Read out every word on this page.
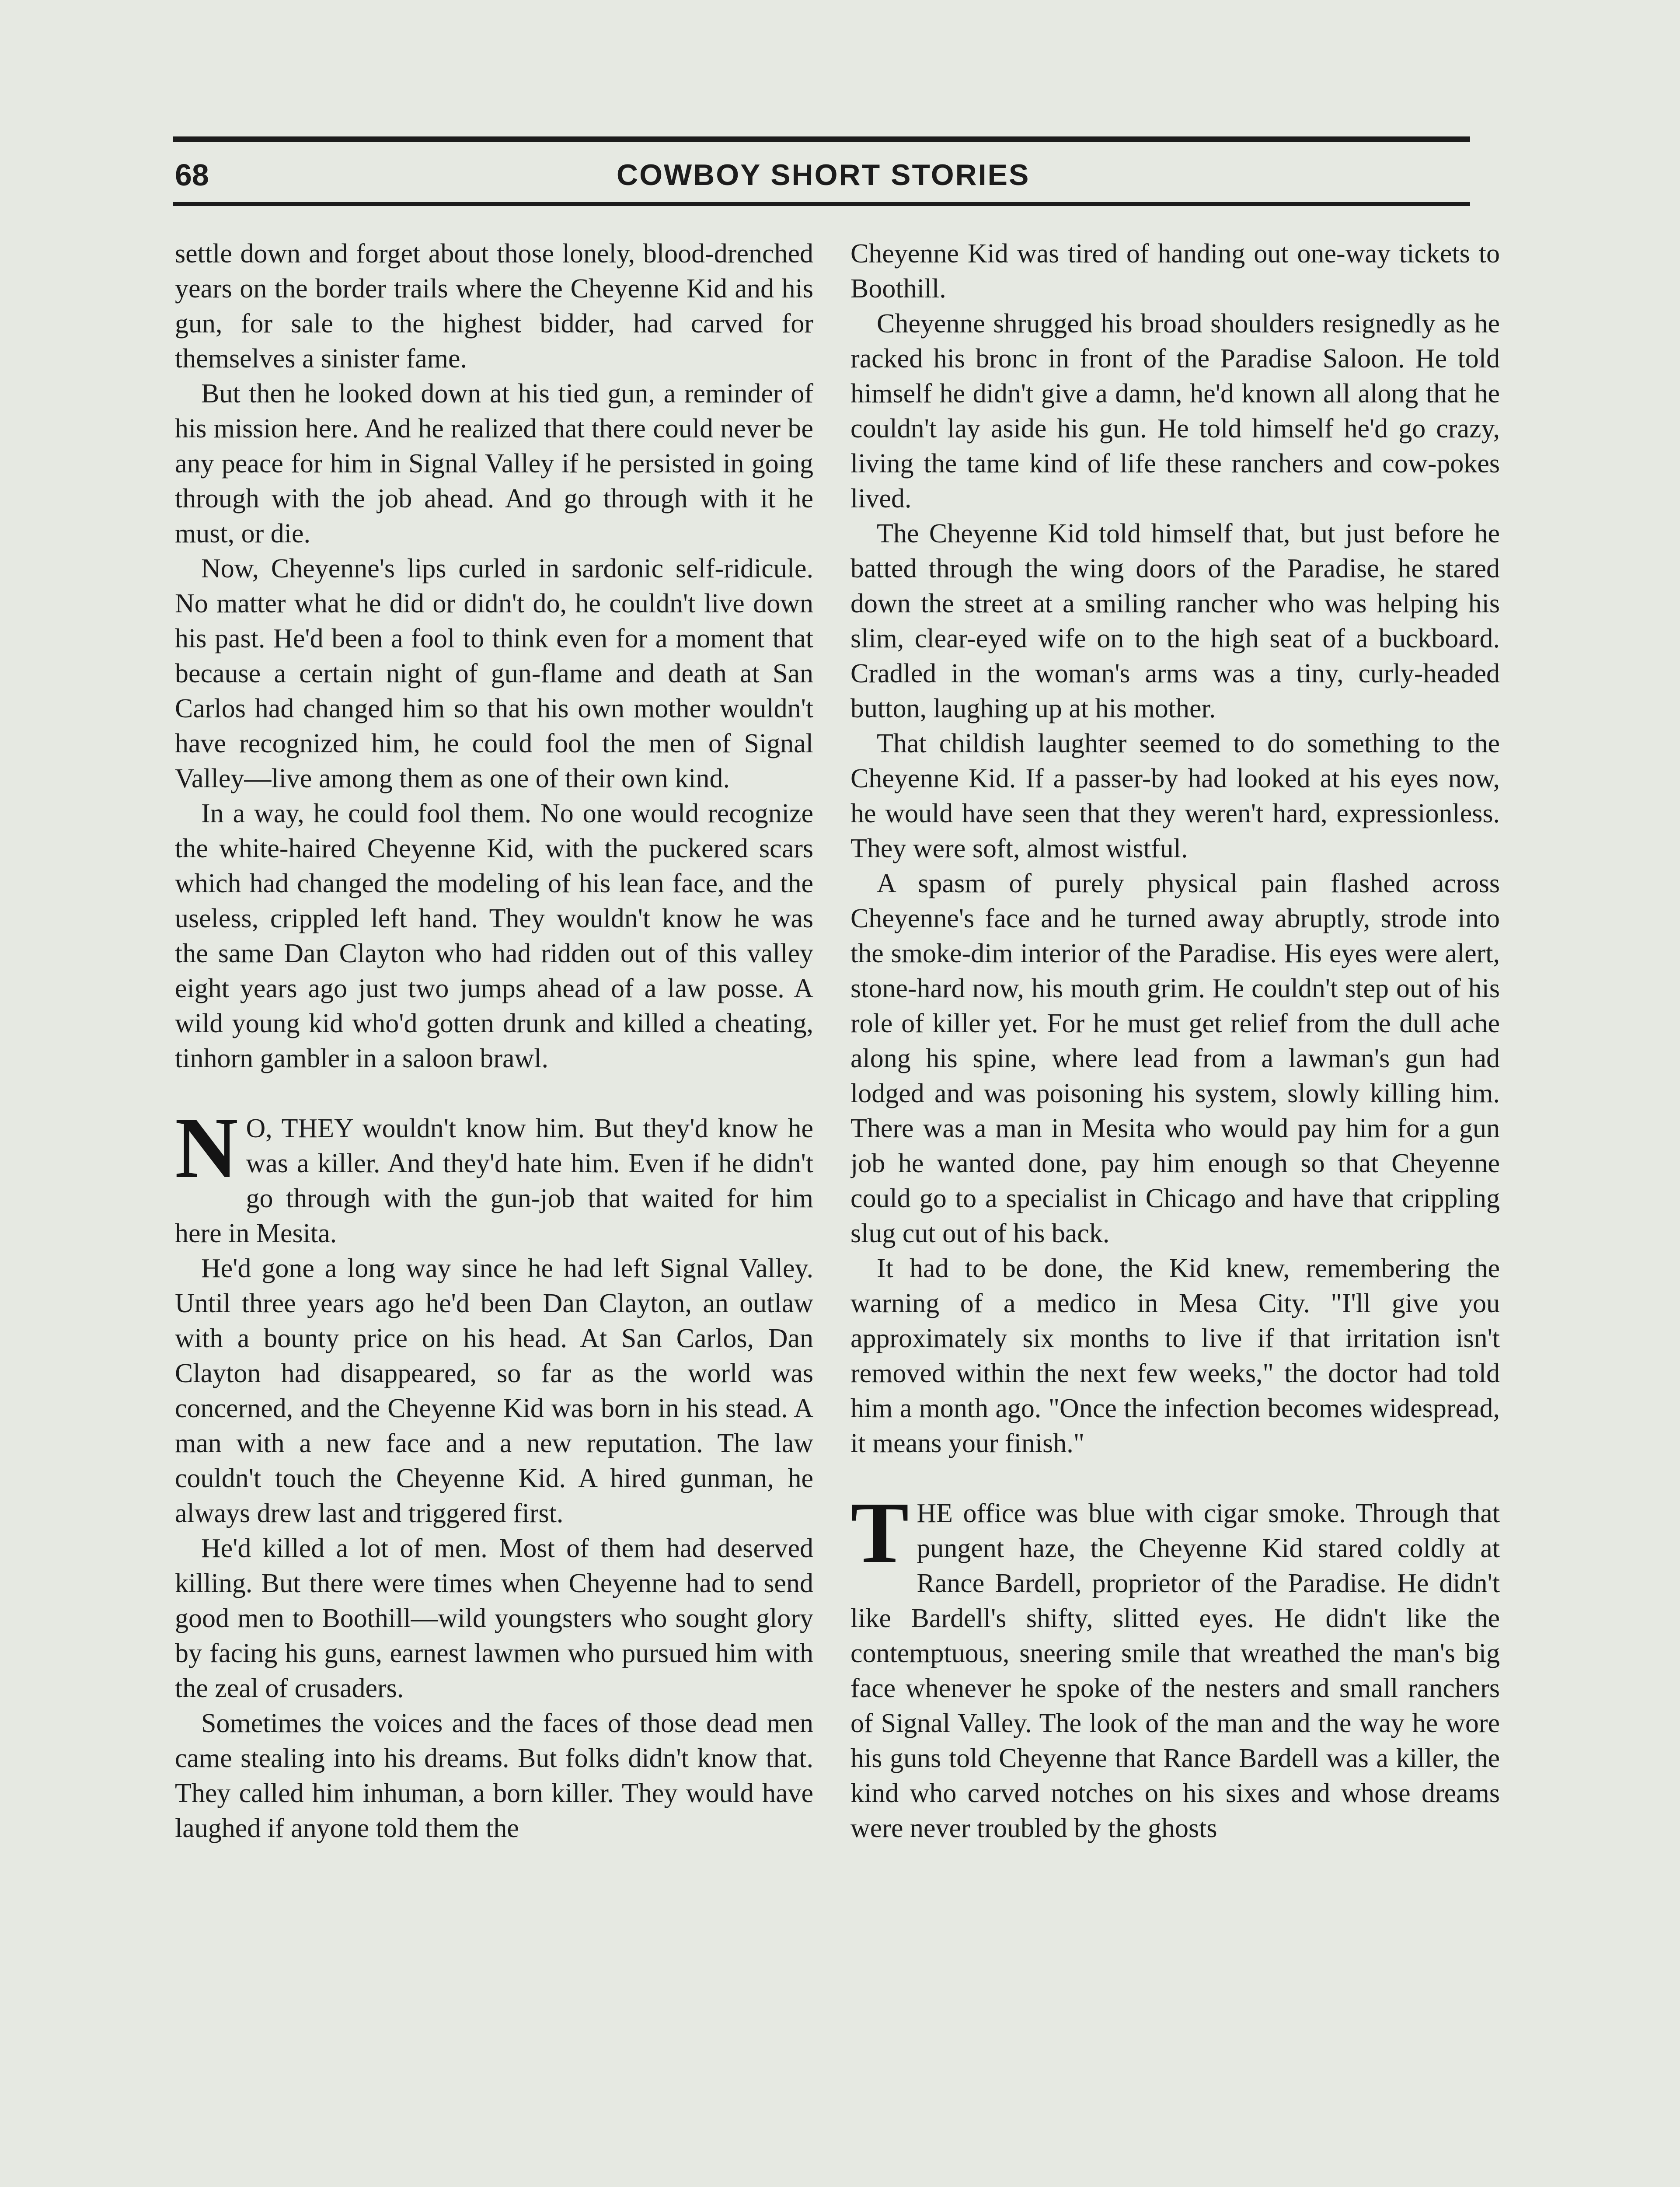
68	COWBOY SHORT STORIES

settle down and forget about those lonely, blood-drenched years on the border trails where the Cheyenne Kid and his gun, for sale to the highest bidder, had carved for themselves a sinister fame.

But then he looked down at his tied gun, a reminder of his mission here. And he realized that there could never be any peace for him in Signal Valley if he persisted in going through with the job ahead. And go through with it he must, or die.

Now, Cheyenne's lips curled in sardonic self-ridicule. No matter what he did or didn't do, he couldn't live down his past. He'd been a fool to think even for a moment that because a certain night of gun-flame and death at San Carlos had changed him so that his own mother wouldn't have recognized him, he could fool the men of Signal Valley—live among them as one of their own kind.

In a way, he could fool them. No one would recognize the white-haired Cheyenne Kid, with the puckered scars which had changed the modeling of his lean face, and the useless, crippled left hand. They wouldn't know he was the same Dan Clayton who had ridden out of this valley eight years ago just two jumps ahead of a law posse. A wild young kid who'd gotten drunk and killed a cheating, tinhorn gambler in a saloon brawl.

N O, THEY wouldn't know him. But they'd know he was a killer. And they'd hate him. Even if he didn't go through with the gun-job that waited for him here in Mesita.

He'd gone a long way since he had left Signal Valley. Until three years ago he'd been Dan Clayton, an outlaw with a bounty price on his head. At San Carlos, Dan Clayton had disappeared, so far as the world was concerned, and the Cheyenne Kid was born in his stead. A man with a new face and a new reputation. The law couldn't touch the Cheyenne Kid. A hired gunman, he always drew last and triggered first.

He'd killed a lot of men. Most of them had deserved killing. But there were times when Cheyenne had to send good men to Boothill—wild youngsters who sought glory by facing his guns, earnest lawmen who pursued him with the zeal of crusaders.

Sometimes the voices and the faces of those dead men came stealing into his dreams. But folks didn't know that. They called him inhuman, a born killer. They would have laughed if anyone told them the

Cheyenne Kid was tired of handing out one-way tickets to Boothill.

Cheyenne shrugged his broad shoulders resignedly as he racked his bronc in front of the Paradise Saloon. He told himself he didn't give a damn, he'd known all along that he couldn't lay aside his gun. He told himself he'd go crazy, living the tame kind of life these ranchers and cow-pokes lived.

The Cheyenne Kid told himself that, but just before he batted through the wing doors of the Paradise, he stared down the street at a smiling rancher who was helping his slim, clear-eyed wife on to the high seat of a buckboard. Cradled in the woman's arms was a tiny, curly-headed button, laughing up at his mother.

That childish laughter seemed to do something to the Cheyenne Kid. If a passer-by had looked at his eyes now, he would have seen that they weren't hard, expressionless. They were soft, almost wistful.

A spasm of purely physical pain flashed across Cheyenne's face and he turned away abruptly, strode into the smoke-dim interior of the Paradise. His eyes were alert, stone-hard now, his mouth grim. He couldn't step out of his role of killer yet. For he must get relief from the dull ache along his spine, where lead from a lawman's gun had lodged and was poisoning his system, slowly killing him. There was a man in Mesita who would pay him for a gun job he wanted done, pay him enough so that Cheyenne could go to a specialist in Chicago and have that crippling slug cut out of his back.

It had to be done, the Kid knew, remembering the warning of a medico in Mesa City. "I'll give you approximately six months to live if that irritation isn't removed within the next few weeks," the doctor had told him a month ago. "Once the infection becomes widespread, it means your finish."

THE office was blue with cigar smoke. Through that pungent haze, the Cheyenne Kid stared coldly at Rance Bardell, proprietor of the Paradise. He didn't like Bardell's shifty, slitted eyes. He didn't like the contemptuous, sneering smile that wreathed the man's big face whenever he spoke of the nesters and small ranchers of Signal Valley. The look of the man and the way he wore his guns told Cheyenne that Rance Bardell was a killer, the kind who carved notches on his sixes and whose dreams were never troubled by the ghosts
